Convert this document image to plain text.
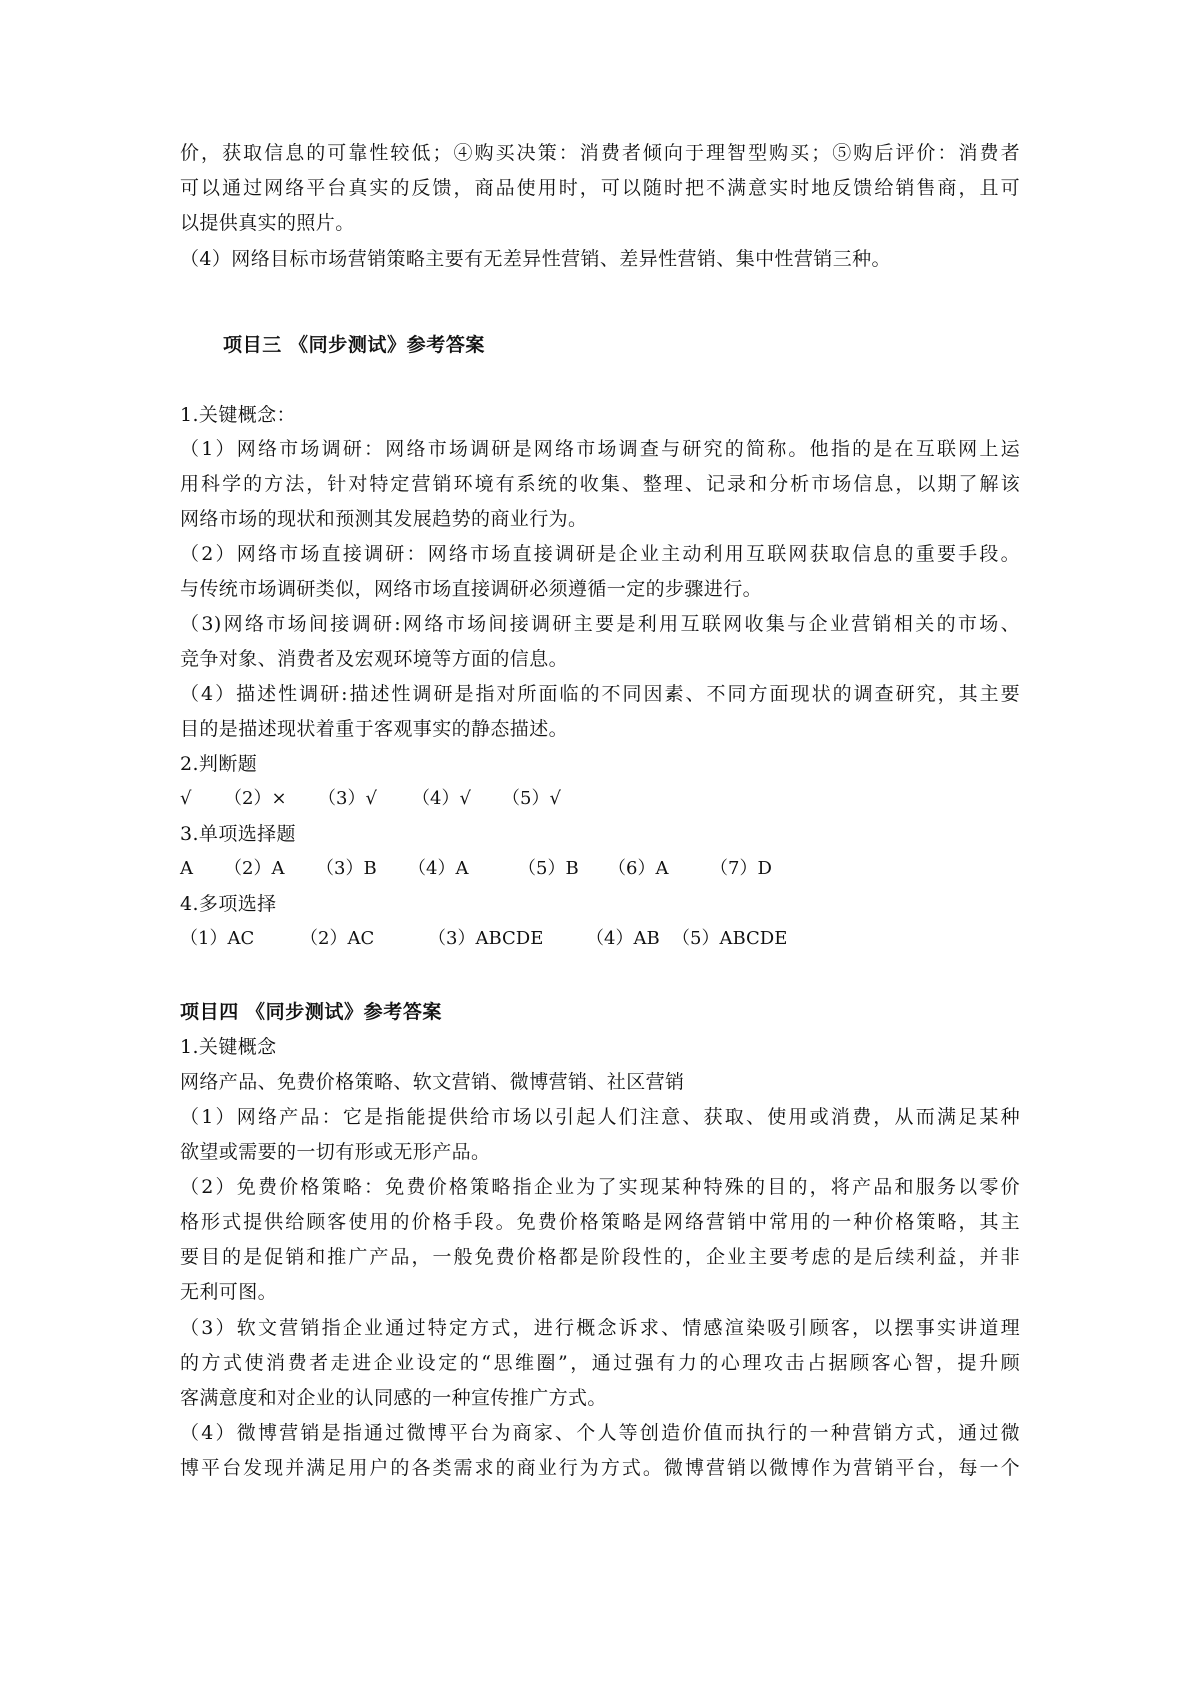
价，获取信息的可靠性较低；④购买决策：消费者倾向于理智型购买；⑤购后评价：消费者
可以通过网络平台真实的反馈，商品使用时，可以随时把不满意实时地反馈给销售商，且可
以提供真实的照片。
（4）网络目标市场营销策略主要有无差异性营销、差异性营销、集中性营销三种。
项目三 《同步测试》参考答案
1.关键概念：
（1）网络市场调研：网络市场调研是网络市场调查与研究的简称。他指的是在互联网上运
用科学的方法，针对特定营销环境有系统的收集、整理、记录和分析市场信息，以期了解该
网络市场的现状和预测其发展趋势的商业行为。
（2）网络市场直接调研：网络市场直接调研是企业主动利用互联网获取信息的重要手段。
与传统市场调研类似，网络市场直接调研必须遵循一定的步骤进行。
（3)网络市场间接调研:网络市场间接调研主要是利用互联网收集与企业营销相关的市场、
竞争对象、消费者及宏观环境等方面的信息。
（4）描述性调研:描述性调研是指对所面临的不同因素、不同方面现状的调查研究，其主要
目的是描述现状着重于客观事实的静态描述。
2.判断题
√ （2）× （3）√ （4）√ （5）√
3.单项选择题
A （2）A （3）B （4）A	（5）B （6）A （7）D
4.多项选择
（1）AC	（2）AC	（3）ABCDE （4）AB （5）ABCDE
项目四 《同步测试》参考答案
1.关键概念
网络产品、免费价格策略、软文营销、微博营销、社区营销
（1）网络产品：它是指能提供给市场以引起人们注意、获取、使用或消费，从而满足某种
欲望或需要的一切有形或无形产品。
（2）免费价格策略：免费价格策略指企业为了实现某种特殊的目的，将产品和服务以零价
格形式提供给顾客使用的价格手段。免费价格策略是网络营销中常用的一种价格策略，其主
要目的是促销和推广产品，一般免费价格都是阶段性的，企业主要考虑的是后续利益，并非
无利可图。
（3）软文营销指企业通过特定方式，进行概念诉求、情感渲染吸引顾客，以摆事实讲道理
的方式使消费者走进企业设定的“思维圈”，通过强有力的心理攻击占据顾客心智，提升顾
客满意度和对企业的认同感的一种宣传推广方式。
（4）微博营销是指通过微博平台为商家、个人等创造价值而执行的一种营销方式，通过微
博平台发现并满足用户的各类需求的商业行为方式。微博营销以微博作为营销平台，每一个
